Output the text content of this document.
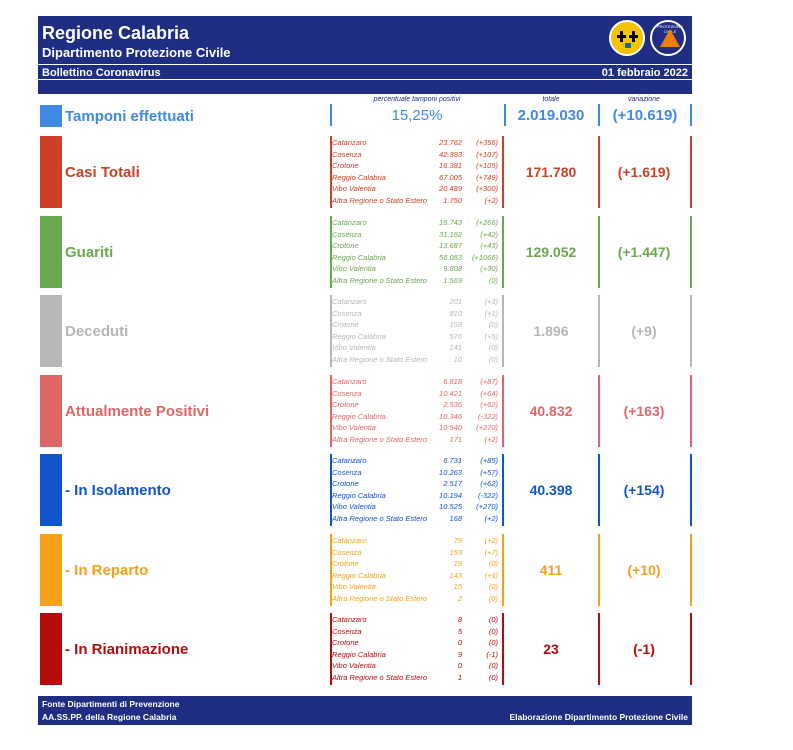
Regione Calabria
Dipartimento Protezione Civile
PROTEZIONE CIVILE
Bollettino Coronavirus	01 febbraio 2022
percentuale tamponi positivi	totale	variazione
Tamponi effettuati	15,25%	2.019.030	(+10.619)
Casi Totali
Catanzaro	23.762 (+356)
Cosenza	42.393 (+107)
Crotone	16.381 (+105)
Reggio Calabria	67.005 (+749)
Vibo Valentia	20.489 (+300)
Altra Regione o Stato Estero 1.750	(+2)
171.780	(+1.619)
Guariti
Catanzaro	16.743 (+266)
Cosenza	31.162 (+42)
Crotone	13.687 (+43)
Reggio Calabria	56.083 (+1066)
Vibo Valentia	9.808 (+30)
Altra Regione o Stato Estero 1.569	(0)
129.052	(+1.447)
Deceduti
Catanzaro	201	(+3)
Cosenza	810	(+1)
Crotone	158	(0)
Reggio Calabria	576	(+5)
Vibo Valentia	141	(0)
Altra Regione o Stato Estero	10	(0)
1.896	(+9)
Attualmente Positivi
Catanzaro	6.818 (+87)
Cosenza	10.421 (+64)
Crotone	2.536 (+62)
Reggio Calabria	10.346 (-322)
Vibo Valentia	10.540 (+270)
Altra Regione o Stato Estero	171	(+2)
40.832	(+163)
- In Isolamento
Catanzaro	6.731 (+85)
Cosenza	10.263 (+57)
Crotone	2.517 (+62)
Reggio Calabria	10.194 (-322)
Vibo Valentia	10.525 (+270)
Altra Regione o Stato Estero	168	(+2)
40.398	(+154)
- In Reparto
Catanzaro	79	(+2)
Cosenza	153	(+7)
Crotone	19	(0)
Reggio Calabria	143	(+1)
Vibo Valentia	15	(0)
Altra Regione o Stato Estero	2	(0)
411	(+10)
- In Rianimazione
Catanzaro	8	(0)
Cosenza	5	(0)
Crotone	0	(0)
Reggio Calabria	9	(-1)
Vibo Valentia	0	(0)
Altra Regione o Stato Estero	1	(0)
23	(-1)
Fonte Dipartimenti di Prevenzione
AA.SS.PP. della Regione Calabria	Elaborazione Dipartimento Protezione Civile
